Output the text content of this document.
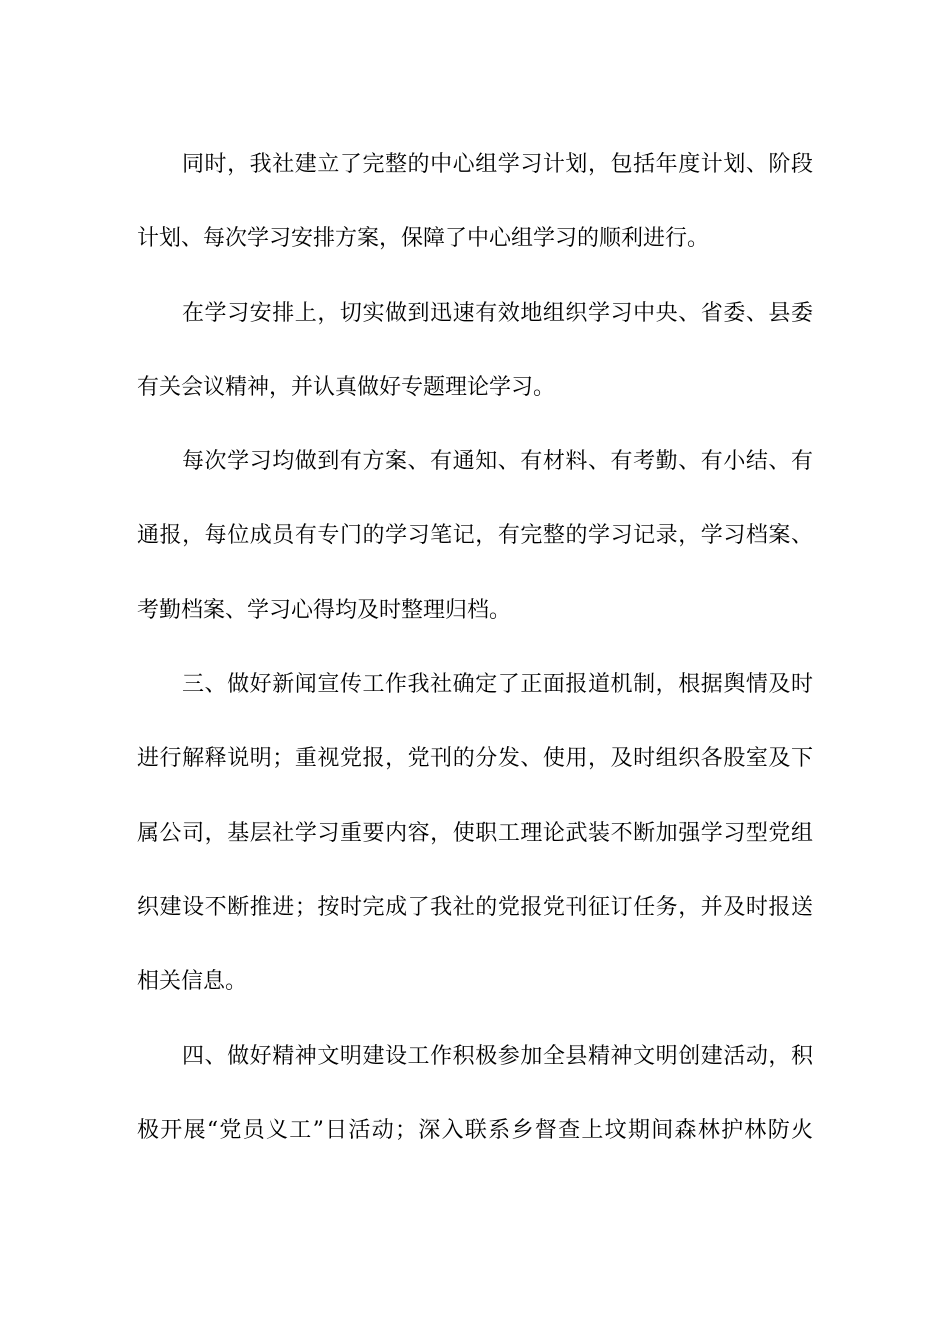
同时，我社建立了完整的中心组学习计划，包括年度计划、阶段
计划、每次学习安排方案，保障了中心组学习的顺利进行。
在学习安排上，切实做到迅速有效地组织学习中央、省委、县委
有关会议精神，并认真做好专题理论学习。
每次学习均做到有方案、有通知、有材料、有考勤、有小结、有
通报，每位成员有专门的学习笔记，有完整的学习记录，学习档案、
考勤档案、学习心得均及时整理归档。
三、做好新闻宣传工作我社确定了正面报道机制，根据舆情及时
进行解释说明；重视党报，党刊的分发、使用，及时组织各股室及下
属公司，基层社学习重要内容，使职工理论武装不断加强学习型党组
织建设不断推进；按时完成了我社的党报党刊征订任务，并及时报送
相关信息。
四、做好精神文明建设工作积极参加全县精神文明创建活动，积
极开展“党员义工”日活动；深入联系乡督查上坟期间森林护林防火
